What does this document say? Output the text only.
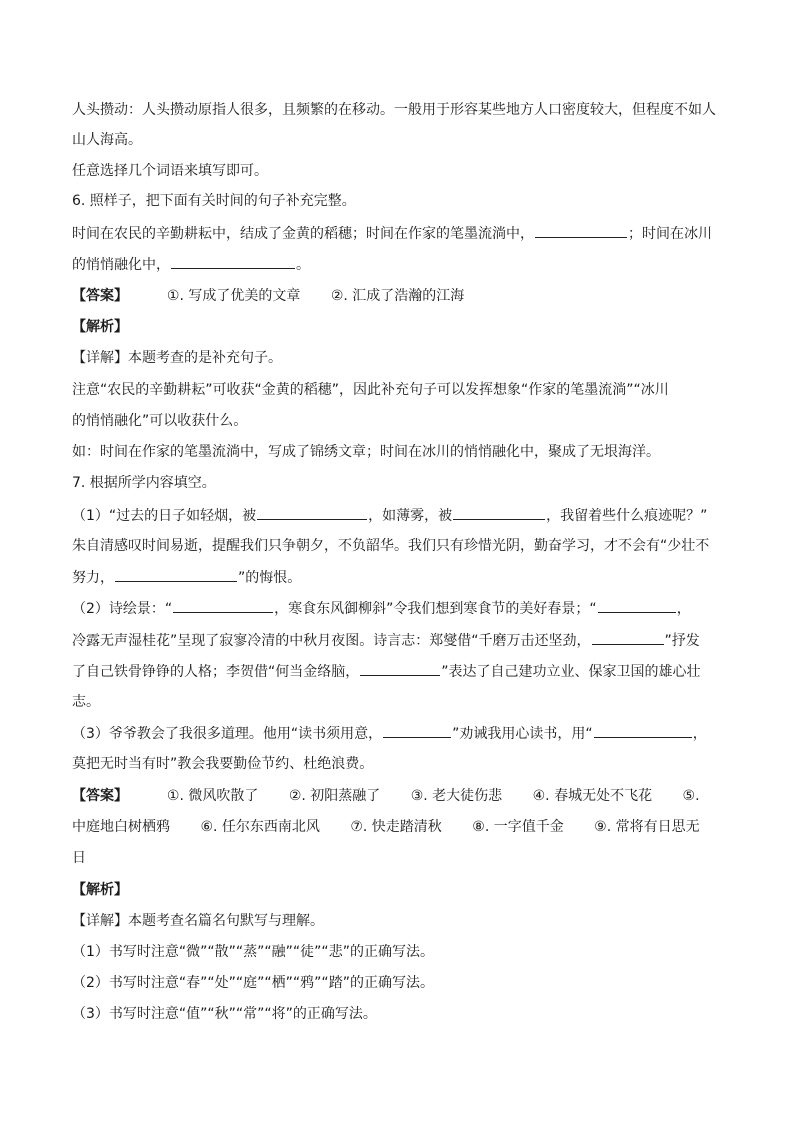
人头攒动：人头攒动原指人很多，且频繁的在移动。一般用于形容某些地方人口密度较大，但程度不如人
山人海高。
任意选择几个词语来填写即可。
6. 照样子，把下面有关时间的句子补充完整。
时间在农民的辛勤耕耘中，结成了金黄的稻穗；时间在作家的笔墨流淌中，	；时间在冰川
的悄悄融化中，	。
【答案】	①. 写成了优美的文章 ②. 汇成了浩瀚的江海
【解析】
【详解】本题考查的是补充句子。
注意“农民的辛勤耕耘”可收获“金黄的稻穗”，因此补充句子可以发挥想象“作家的笔墨流淌”“冰川
的悄悄融化”可以收获什么。
如：时间在作家的笔墨流淌中，写成了锦绣文章；时间在冰川的悄悄融化中，聚成了无垠海洋。
7. 根据所学内容填空。
（1）“过去的日子如轻烟，被	，如薄雾，被	，我留着些什么痕迹呢？”
朱自清感叹时间易逝，提醒我们只争朝夕，不负韶华。我们只有珍惜光阴，勤奋学习，才不会有“少壮不
努力，	”的悔恨。
（2）诗绘景：“	，寒食东风御柳斜”令我们想到寒食节的美好春景；“	，
冷露无声湿桂花”呈现了寂寥冷清的中秋月夜图。诗言志：郑燮借“千磨万击还坚劲，	”抒发
了自己铁骨铮铮的人格；李贺借“何当金络脑，	”表达了自己建功立业、保家卫国的雄心壮
志。
（3）爷爷教会了我很多道理。他用“读书须用意，	”劝诫我用心读书，用“	，
莫把无时当有时”教会我要勤俭节约、杜绝浪费。
【答案】	①. 微风吹散了 ②. 初阳蒸融了 ③. 老大徒伤悲 ④. 春城无处不飞花 ⑤.
中庭地白树栖鸦 ⑥. 任尔东西南北风 ⑦. 快走踏清秋 ⑧. 一字值千金 ⑨. 常将有日思无
日
【解析】
【详解】本题考查名篇名句默写与理解。
（1）书写时注意“微”“散”“蒸”“融”“徒”“悲”的正确写法。
（2）书写时注意“春”“处”“庭”“栖”“鸦”“踏”的正确写法。
（3）书写时注意“值”“秋”“常”“将”的正确写法。
